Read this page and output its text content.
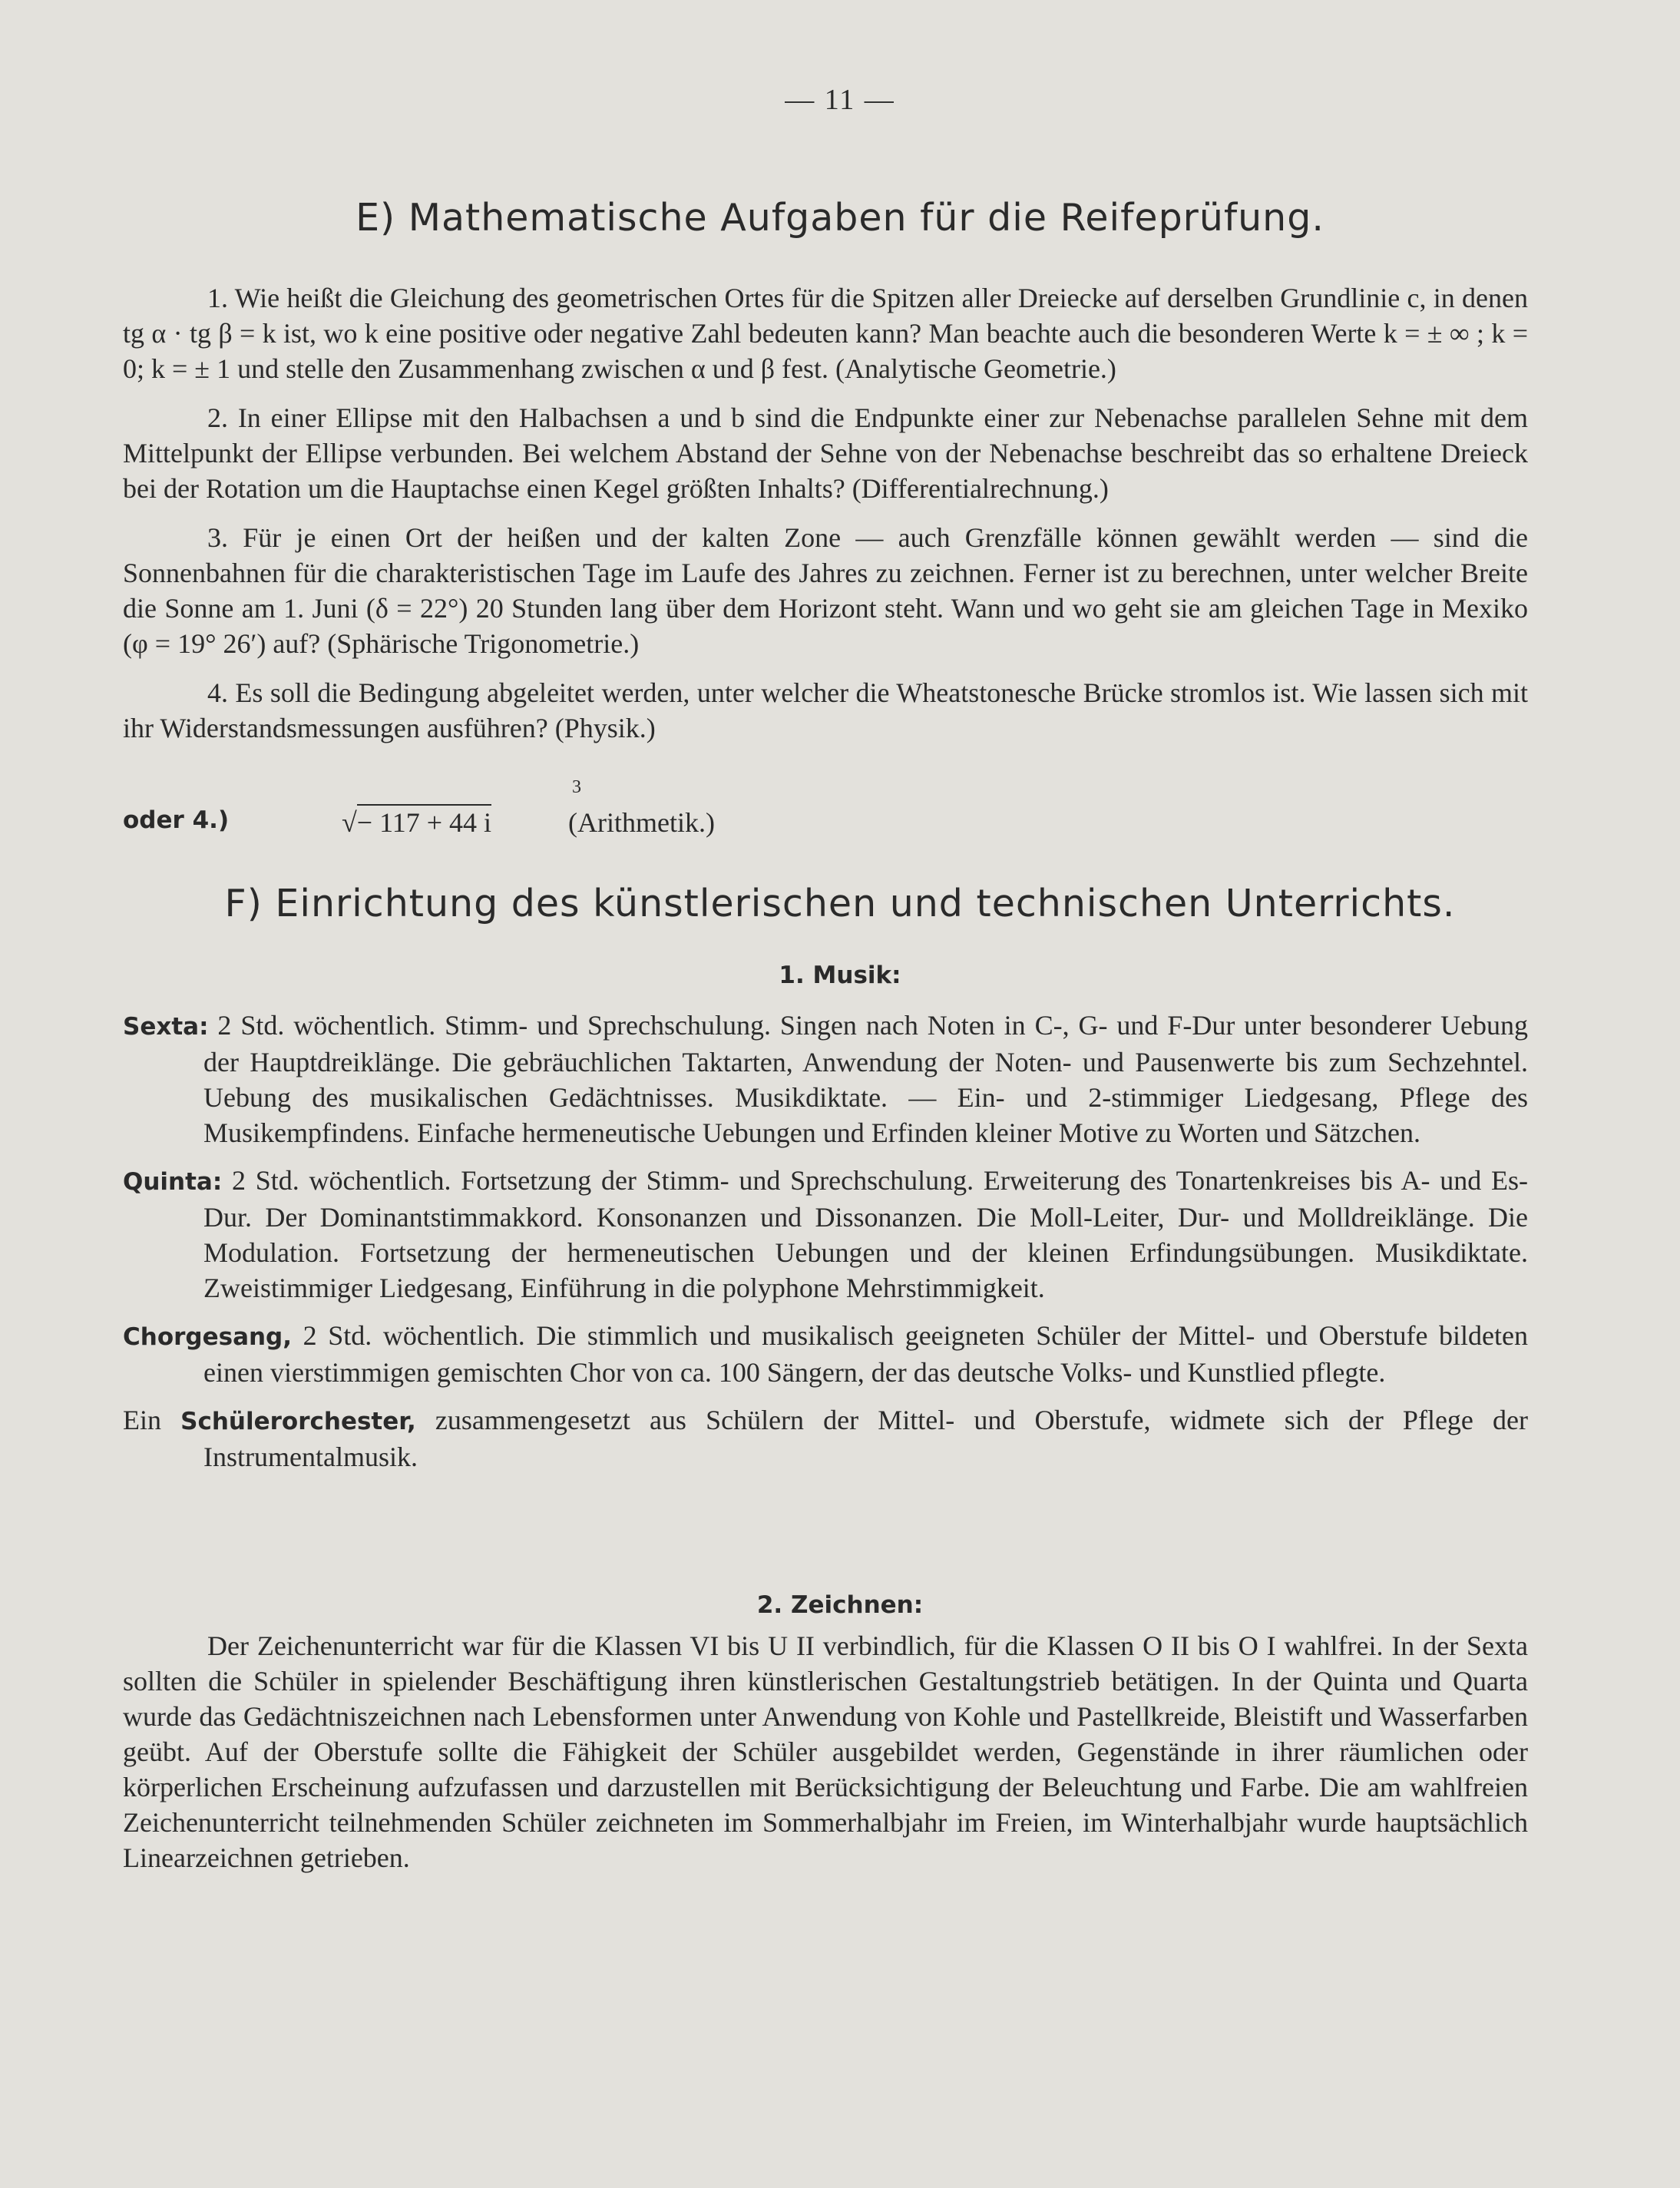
— 11 —
E) Mathematische Aufgaben für die Reifeprüfung.

1. Wie heißt die Gleichung des geometrischen Ortes für die Spitzen aller Dreiecke auf derselben Grundlinie c, in denen tg α · tg β = k ist, wo k eine positive oder negative Zahl bedeuten kann? Man beachte auch die besonderen Werte k = ± ∞ ; k = 0; k = ± 1 und stelle den Zusammenhang zwischen α und β fest. (Analytische Geometrie.)

2. In einer Ellipse mit den Halbachsen a und b sind die Endpunkte einer zur Nebenachse parallelen Sehne mit dem Mittelpunkt der Ellipse verbunden. Bei welchem Abstand der Sehne von der Nebenachse beschreibt das so erhaltene Dreieck bei der Rotation um die Hauptachse einen Kegel größten Inhalts? (Differentialrechnung.)

3. Für je einen Ort der heißen und der kalten Zone — auch Grenzfälle können gewählt werden — sind die Sonnenbahnen für die charakteristischen Tage im Laufe des Jahres zu zeichnen. Ferner ist zu berechnen, unter welcher Breite die Sonne am 1. Juni (δ = 22°) 20 Stunden lang über dem Horizont steht. Wann und wo geht sie am gleichen Tage in Mexiko (φ = 19° 26′) auf? (Sphärische Trigonometrie.)

4. Es soll die Bedingung abgeleitet werden, unter welcher die Wheatstonesche Brücke stromlos ist. Wie lassen sich mit ihr Widerstandsmessungen ausführen? (Physik.)

oder 4.)
3
√− 117 + 44 i	(Arithmetik.)
F) Einrichtung des künstlerischen und technischen Unterrichts.
1. Musik:

Sexta: 2 Std. wöchentlich. Stimm- und Sprechschulung. Singen nach Noten in C-, G- und F-Dur unter besonderer Uebung der Hauptdreiklänge. Die gebräuchlichen Taktarten, Anwendung der Noten- und Pausenwerte bis zum Sechzehntel. Uebung des musikalischen Gedächtnisses. Musikdiktate. — Ein- und 2-stimmiger Liedgesang, Pflege des Musikempfindens. Einfache hermeneutische Uebungen und Erfinden kleiner Motive zu Worten und Sätzchen.

Quinta: 2 Std. wöchentlich. Fortsetzung der Stimm- und Sprechschulung. Erweiterung des Tonartenkreises bis A- und Es-Dur. Der Dominantstimmakkord. Konsonanzen und Dissonanzen. Die Moll-Leiter, Dur- und Molldreiklänge. Die Modulation. Fortsetzung der hermeneutischen Uebungen und der kleinen Erfindungsübungen. Musikdiktate. Zweistimmiger Liedgesang, Einführung in die polyphone Mehrstimmigkeit.

Chorgesang, 2 Std. wöchentlich. Die stimmlich und musikalisch geeigneten Schüler der Mittel- und Oberstufe bildeten einen vierstimmigen gemischten Chor von ca. 100 Sängern, der das deutsche Volks- und Kunstlied pflegte.

Ein Schülerorchester, zusammengesetzt aus Schülern der Mittel- und Oberstufe, widmete sich der Pflege der Instrumentalmusik.

2. Zeichnen:

Der Zeichenunterricht war für die Klassen VI bis U II verbindlich, für die Klassen O II bis O I wahlfrei. In der Sexta sollten die Schüler in spielender Beschäftigung ihren künstlerischen Gestaltungstrieb betätigen. In der Quinta und Quarta wurde das Gedächtniszeichnen nach Lebensformen unter Anwendung von Kohle und Pastellkreide, Bleistift und Wasserfarben geübt. Auf der Oberstufe sollte die Fähigkeit der Schüler ausgebildet werden, Gegenstände in ihrer räumlichen oder körperlichen Erscheinung aufzufassen und darzustellen mit Berücksichtigung der Beleuchtung und Farbe. Die am wahlfreien Zeichenunterricht teilnehmenden Schüler zeichneten im Sommerhalbjahr im Freien, im Winterhalbjahr wurde hauptsächlich Linearzeichnen getrieben.
